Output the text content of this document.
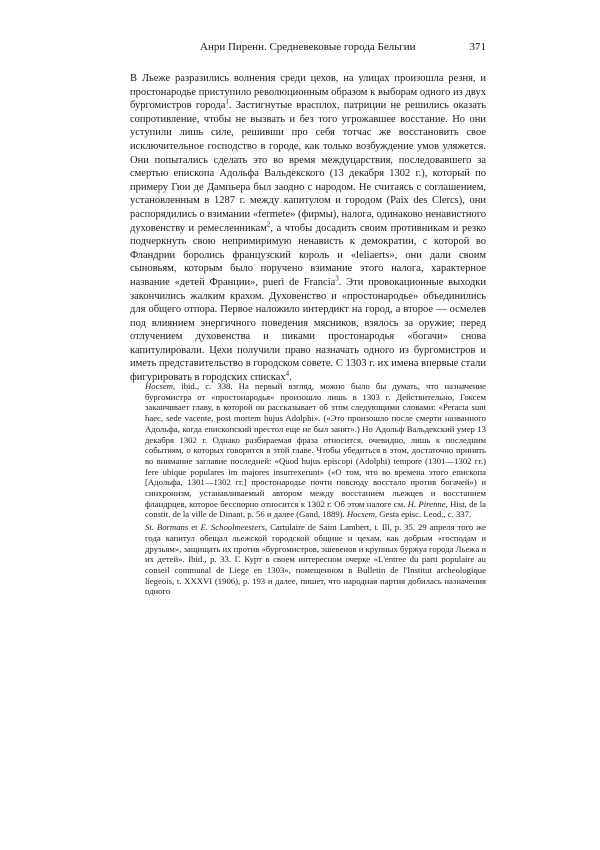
Анри Пиренн. Средневековые города Бельгии	371

В Льеже разразились волнения среди цехов, на улицах произошла резня, и простонародье приступило революционным образом к выборам одного из двух бургомистров города$^1$. Застигнутые врасплох, патриции не решились оказать сопротивление, чтобы не вызвать и без того угрожавшее восстание. Но они уступили лишь силе, решивши про себя тотчас же восстановить свое исключительное господство в городе, как только возбуждение умов уляжется. Они попытались сделать это во время междуцарствия, последовавшего за смертью епископа Адольфа Вальдекского (13 декабря 1302 г.), который по примеру Гюи де Дампьера был заодно с народом. Не считаясь с соглашением, установленным в 1287 г. между капитулом и городом (Paix des Clercs), они распорядились о взимании «fermete» (фирмы), налога, одинаково ненавистного духовенству и ремесленникам$^2$, а чтобы досадить своим противникам и резко подчеркнуть свою непримиримую ненависть к демократии, с которой во Фландрии боролись французский король и «leliaerts», они дали своим сыновьям, которым было поручено взимание этого налога, характерное название «детей Франции», pueri de Francia$^3$. Эти провокационные выходки закончились жалким крахом. Духовенство и «простонародье» объединились для общего отпора. Первое наложило интердикт на город, а второе — осмелев под влиянием энергичного поведения мясников, взялось за оружие; перед отлучением духовенства и пиками простонародья «богачи» снова капитулировали. Цехи получили право назначать одного из бургомистров и иметь представительство в городском совете. С 1303 г. их имена впервые стали фигурировать в городских списках$^4$.

Hocsem, ibid., с. 338. На первый взгляд, можно было бы думать, что назначение бургомистра от «простонародья» произошло лишь в 1303 г. Действительно, Гоксем заканчивает главу, в которой он рассказывает об этом следующими словами: «Peracta sunt haec, sede vacente, post mortem hujus Adolphi». («Это произошло после смерти названного Адольфа, когда епископский престол еще не был занят».) Но Адольф Вальдекский умер 13 декабря 1302 г. Однако разбираемая фраза относится, очевидно, лишь к последним событиям, о которых говорится в этой главе. Чтобы убедиться в этом, достаточно принять во внимание заглавие последней: «Quod hujus episcopi (Adolphi) tempore (1301—1302 гг.) fere ubique populares im majores insurrexerunt» («О том, что во времена этого епископа [Адольфа, 1301—1302 гг.] простонародье почти повсюду восстало против богачей») и синхронизм, устанавливаемый автором между восстанием льежцев и восстанием фландрцев, которое бесспорно относится к 1302 г. Об этом налоге см. H. Pirenne, Hist, de la constit. de la ville de Dinant, p. 56 и далее (Gand, 1889). Hocsem, Gesta episc. Leod., с. 337.

St. Bormans et E. Schoolmeesters, Cartulaire de Saint Lambert, t. Ill, p. 35. 29 апреля того же года капитул обещал льежской городской общине и цехам, как добрым «господам и друзьям», защищать их против «бургомистров, эшевенов и крупных буржуа города Льежа и их детей». Ibid., p. 33. Г. Курт в своем интересном очерке «L'entree du parti populaire au conseil communal de Liege en 1303», помещенном в Bulletin de l'Institut archeologique liegeois, t. XXXVI (1906), p. 193 и далее, пишет, что народная партия добилась назначения одного
